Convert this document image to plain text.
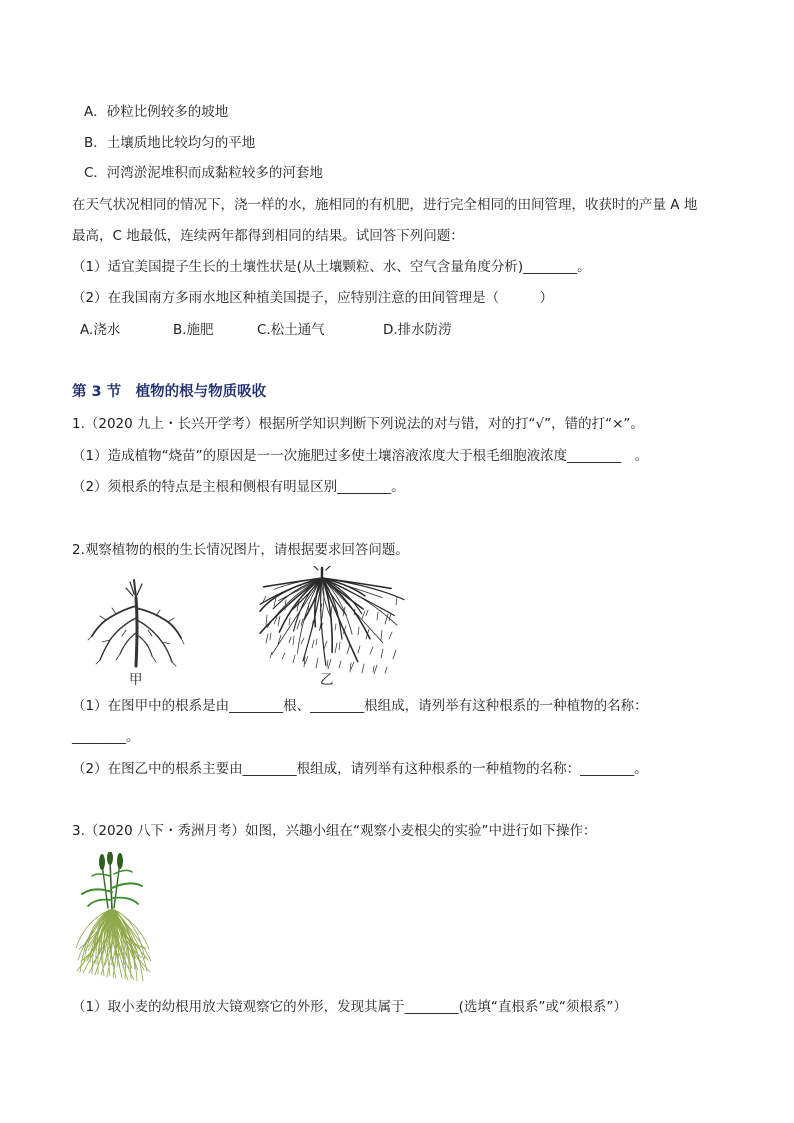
A．砂粒比例较多的坡地
B．土壤质地比较均匀的平地
C．河湾淤泥堆积而成黏粒较多的河套地
在天气状况相同的情况下，浇一样的水，施相同的有机肥，进行完全相同的田间管理，收获时的产量 A 地
最高，C 地最低，连续两年都得到相同的结果。试回答下列问题：
（1）适宜美国提子生长的土壤性状是(从土壤颗粒、水、空气含量角度分析)________。
（2）在我国南方多雨水地区种植美国提子，应特别注意的田间管理是（　　　）
A.浇水	B.施肥	C.松土通气	D.排水防涝
第 3 节　植物的根与物质吸收
1.（2020 九上・长兴开学考）根据所学知识判断下列说法的对与错，对的打“√”，错的打“×”。
（1）造成植物“烧苗”的原因是一一次施肥过多使土壤溶液浓度大于根毛细胞液浓度________　。
（2）须根系的特点是主根和侧根有明显区别________。
2.观察植物的根的生长情况图片，请根据要求回答问题。
甲	乙
（1）在图甲中的根系是由________根、________根组成，请列举有这种根系的一种植物的名称：
________。
（2）在图乙中的根系主要由________根组成，请列举有这种根系的一种植物的名称：________。
3.（2020 八下・秀洲月考）如图，兴趣小组在“观察小麦根尖的实验”中进行如下操作：
（1）取小麦的幼根用放大镜观察它的外形，发现其属于________(选填“直根系”或“须根系”）
